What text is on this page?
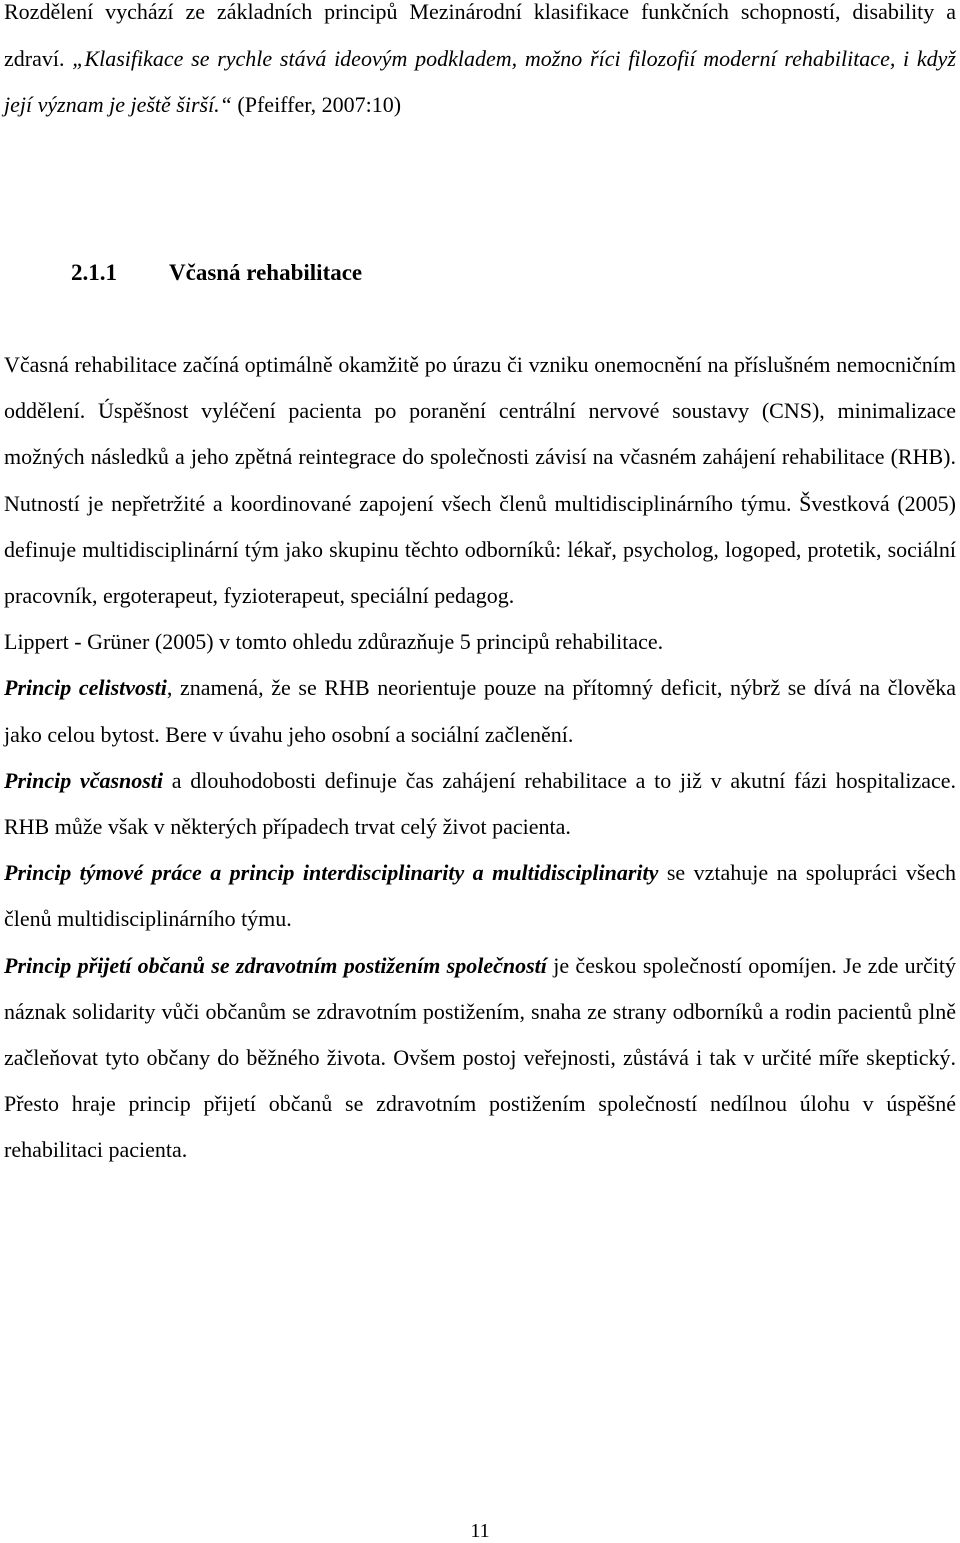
Rozdělení vychází ze základních principů Mezinárodní klasifikace funkčních schopností, disability a zdraví. „Klasifikace se rychle stává ideovým podkladem, možno říci filozofií moderní rehabilitace, i když její význam je ještě širší.“ (Pfeiffer, 2007:10)

2.1.1 Včasná rehabilitace

Včasná rehabilitace začíná optimálně okamžitě po úrazu či vzniku onemocnění na příslušném nemocničním oddělení. Úspěšnost vyléčení pacienta po poranění centrální nervové soustavy (CNS), minimalizace možných následků a jeho zpětná reintegrace do společnosti závisí na včasném zahájení rehabilitace (RHB). Nutností je nepřetržité a koordinované zapojení všech členů multidisciplinárního týmu. Švestková (2005) definuje multidisciplinární tým jako skupinu těchto odborníků: lékař, psycholog, logoped, protetik, sociální pracovník, ergoterapeut, fyzioterapeut, speciální pedagog.

Lippert - Grüner (2005) v tomto ohledu zdůrazňuje 5 principů rehabilitace.

Princip celistvosti, znamená, že se RHB neorientuje pouze na přítomný deficit, nýbrž se dívá na člověka jako celou bytost. Bere v úvahu jeho osobní a sociální začlenění.

Princip včasnosti a dlouhodobosti definuje čas zahájení rehabilitace a to již v akutní fázi hospitalizace. RHB může však v některých případech trvat celý život pacienta.

Princip týmové práce a princip interdisciplinarity a multidisciplinarity se vztahuje na spolupráci všech členů multidisciplinárního týmu.

Princip přijetí občanů se zdravotním postižením společností je českou společností opomíjen. Je zde určitý náznak solidarity vůči občanům se zdravotním postižením, snaha ze strany odborníků a rodin pacientů plně začleňovat tyto občany do běžného života. Ovšem postoj veřejnosti, zůstává i tak v určité míře skeptický. Přesto hraje princip přijetí občanů se zdravotním postižením společností nedílnou úlohu v úspěšné rehabilitaci pacienta.

11
